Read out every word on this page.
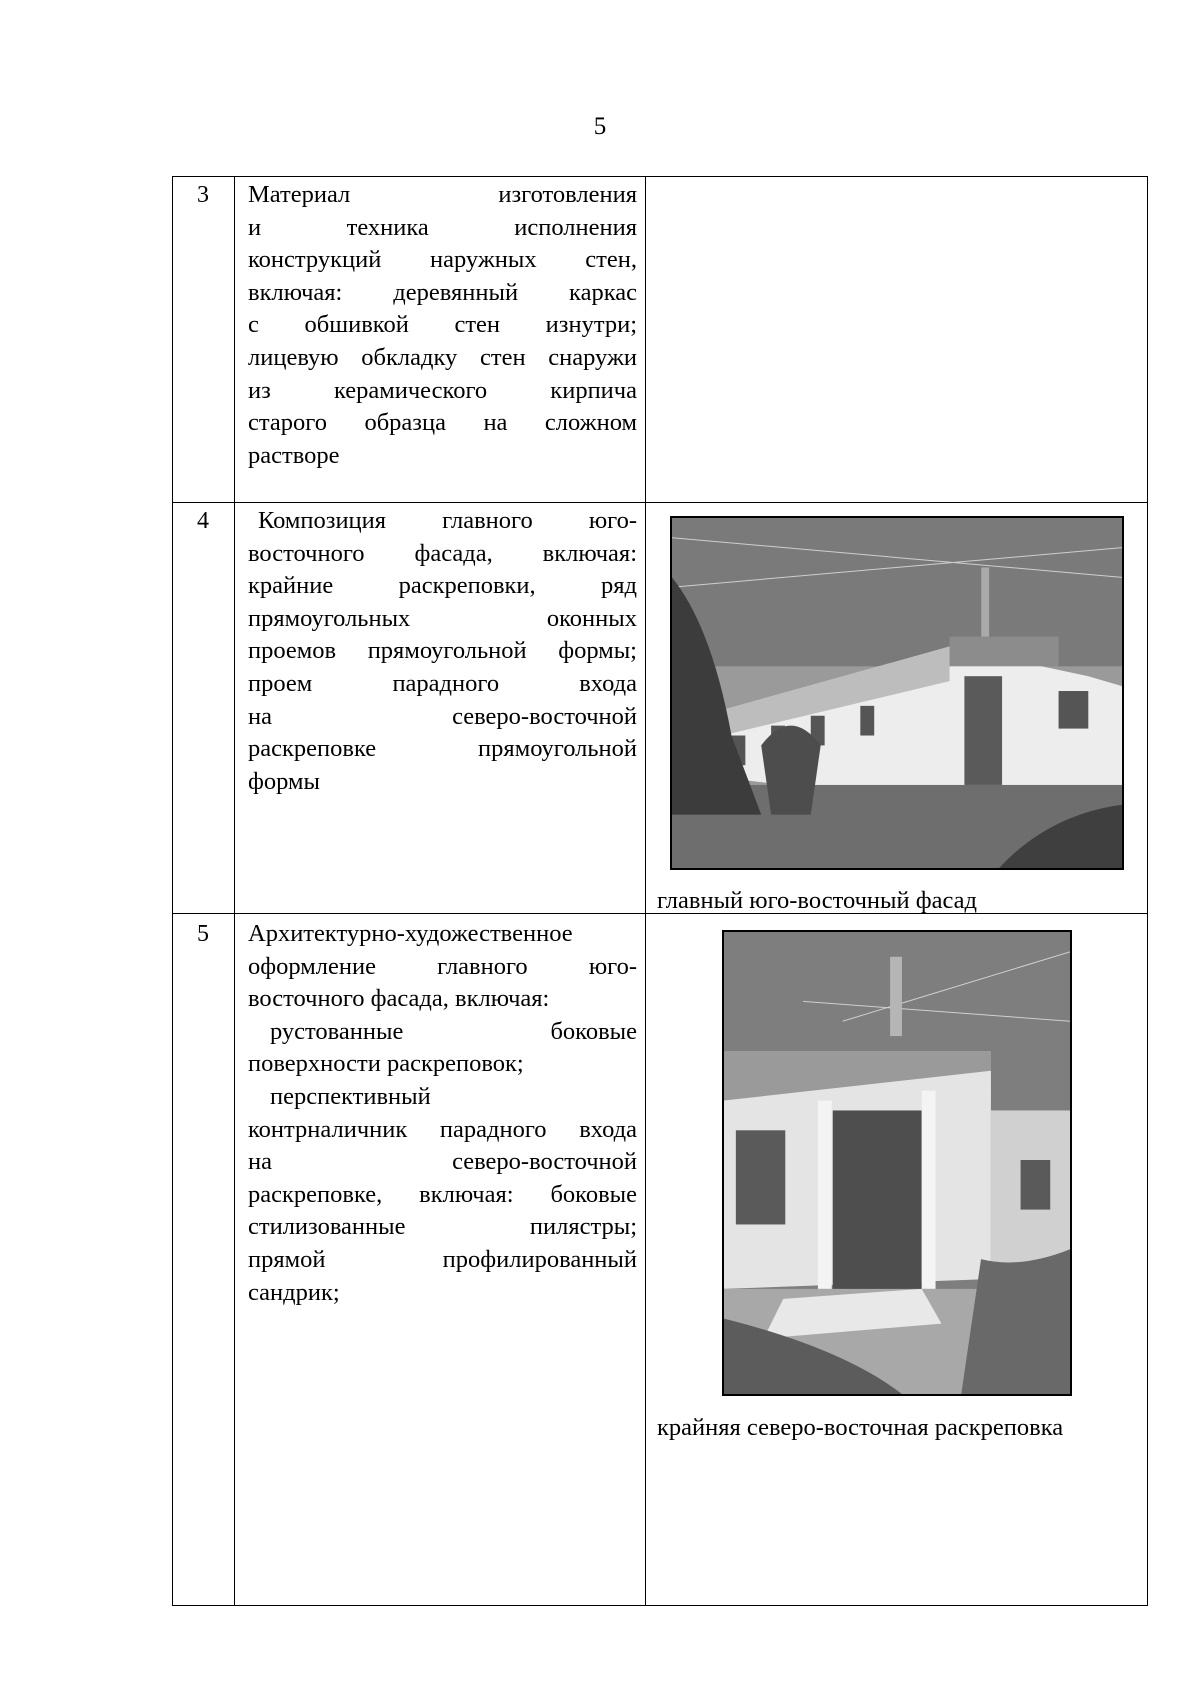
5
3	Материал изготовления
и техника исполнения
конструкций наружных стен,
включая: деревянный каркас
с обшивкой стен изнутри;
лицевую обкладку стен снаружи
из керамического кирпича
старого образца на сложном
растворе
4	Композиция главного юго-
восточного фасада, включая:
крайние раскреповки, ряд
прямоугольных оконных
проемов прямоугольной формы;
проем парадного входа
на северо-восточной
раскреповке прямоугольной
формы
главный юго-восточный фасад
5	Архитектурно-художественное
оформление главного юго-
восточного фасада, включая:
рустованные боковые
поверхности раскреповок;
перспективный
контрналичник парадного входа
на северо-восточной
раскреповке, включая: боковые
стилизованные пилястры;
прямой профилированный
сандрик;
крайняя северо-восточная раскреповка
